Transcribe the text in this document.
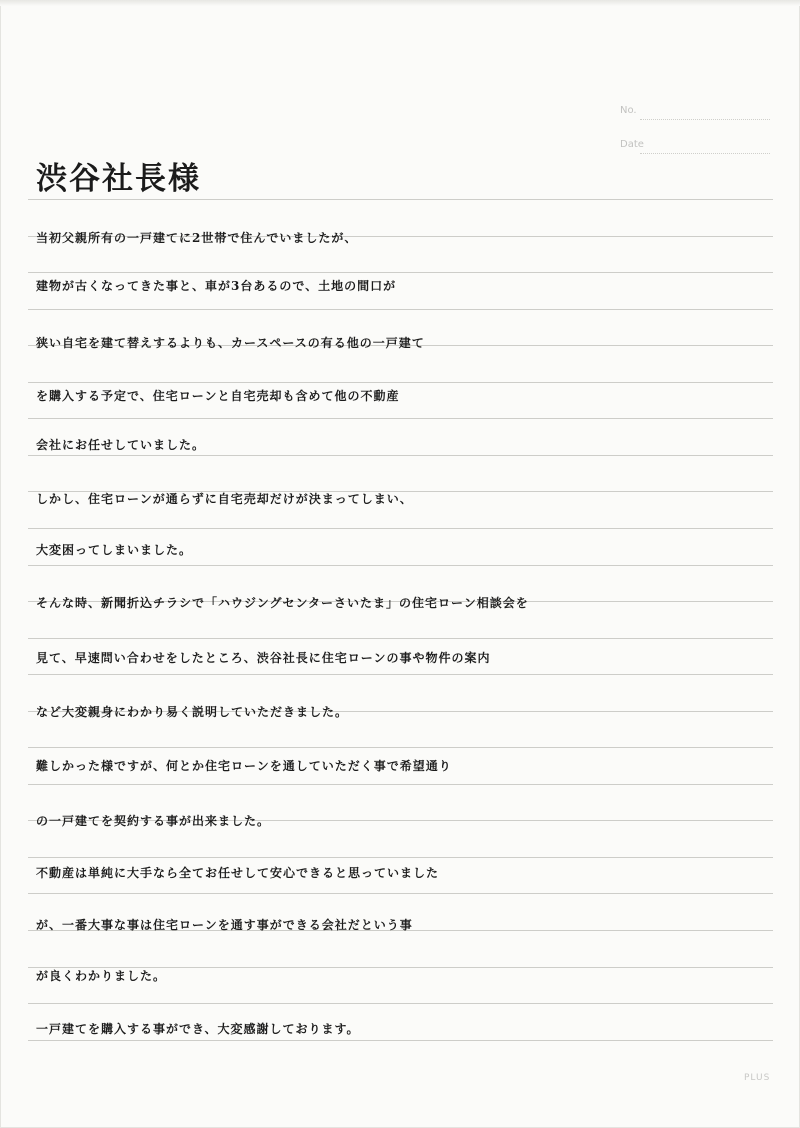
No.
Date
渋谷社長様
当初父親所有の一戸建てに2世帯で住んでいましたが、
建物が古くなってきた事と、車が3台あるので、土地の間口が
狭い自宅を建て替えするよりも、カースペースの有る他の一戸建て
を購入する予定で、住宅ローンと自宅売却も含めて他の不動産
会社にお任せしていました。
しかし、住宅ローンが通らずに自宅売却だけが決まってしまい、
大変困ってしまいました。
そんな時、新聞折込チラシで「ハウジングセンターさいたま」の住宅ローン相談会を
見て、早速問い合わせをしたところ、渋谷社長に住宅ローンの事や物件の案内
など大変親身にわかり易く説明していただきました。
難しかった様ですが、何とか住宅ローンを通していただく事で希望通り
の一戸建てを契約する事が出来ました。
不動産は単純に大手なら全てお任せして安心できると思っていました
が、一番大事な事は住宅ローンを通す事ができる会社だという事
が良くわかりました。
一戸建てを購入する事ができ、大変感謝しております。
PLUS
